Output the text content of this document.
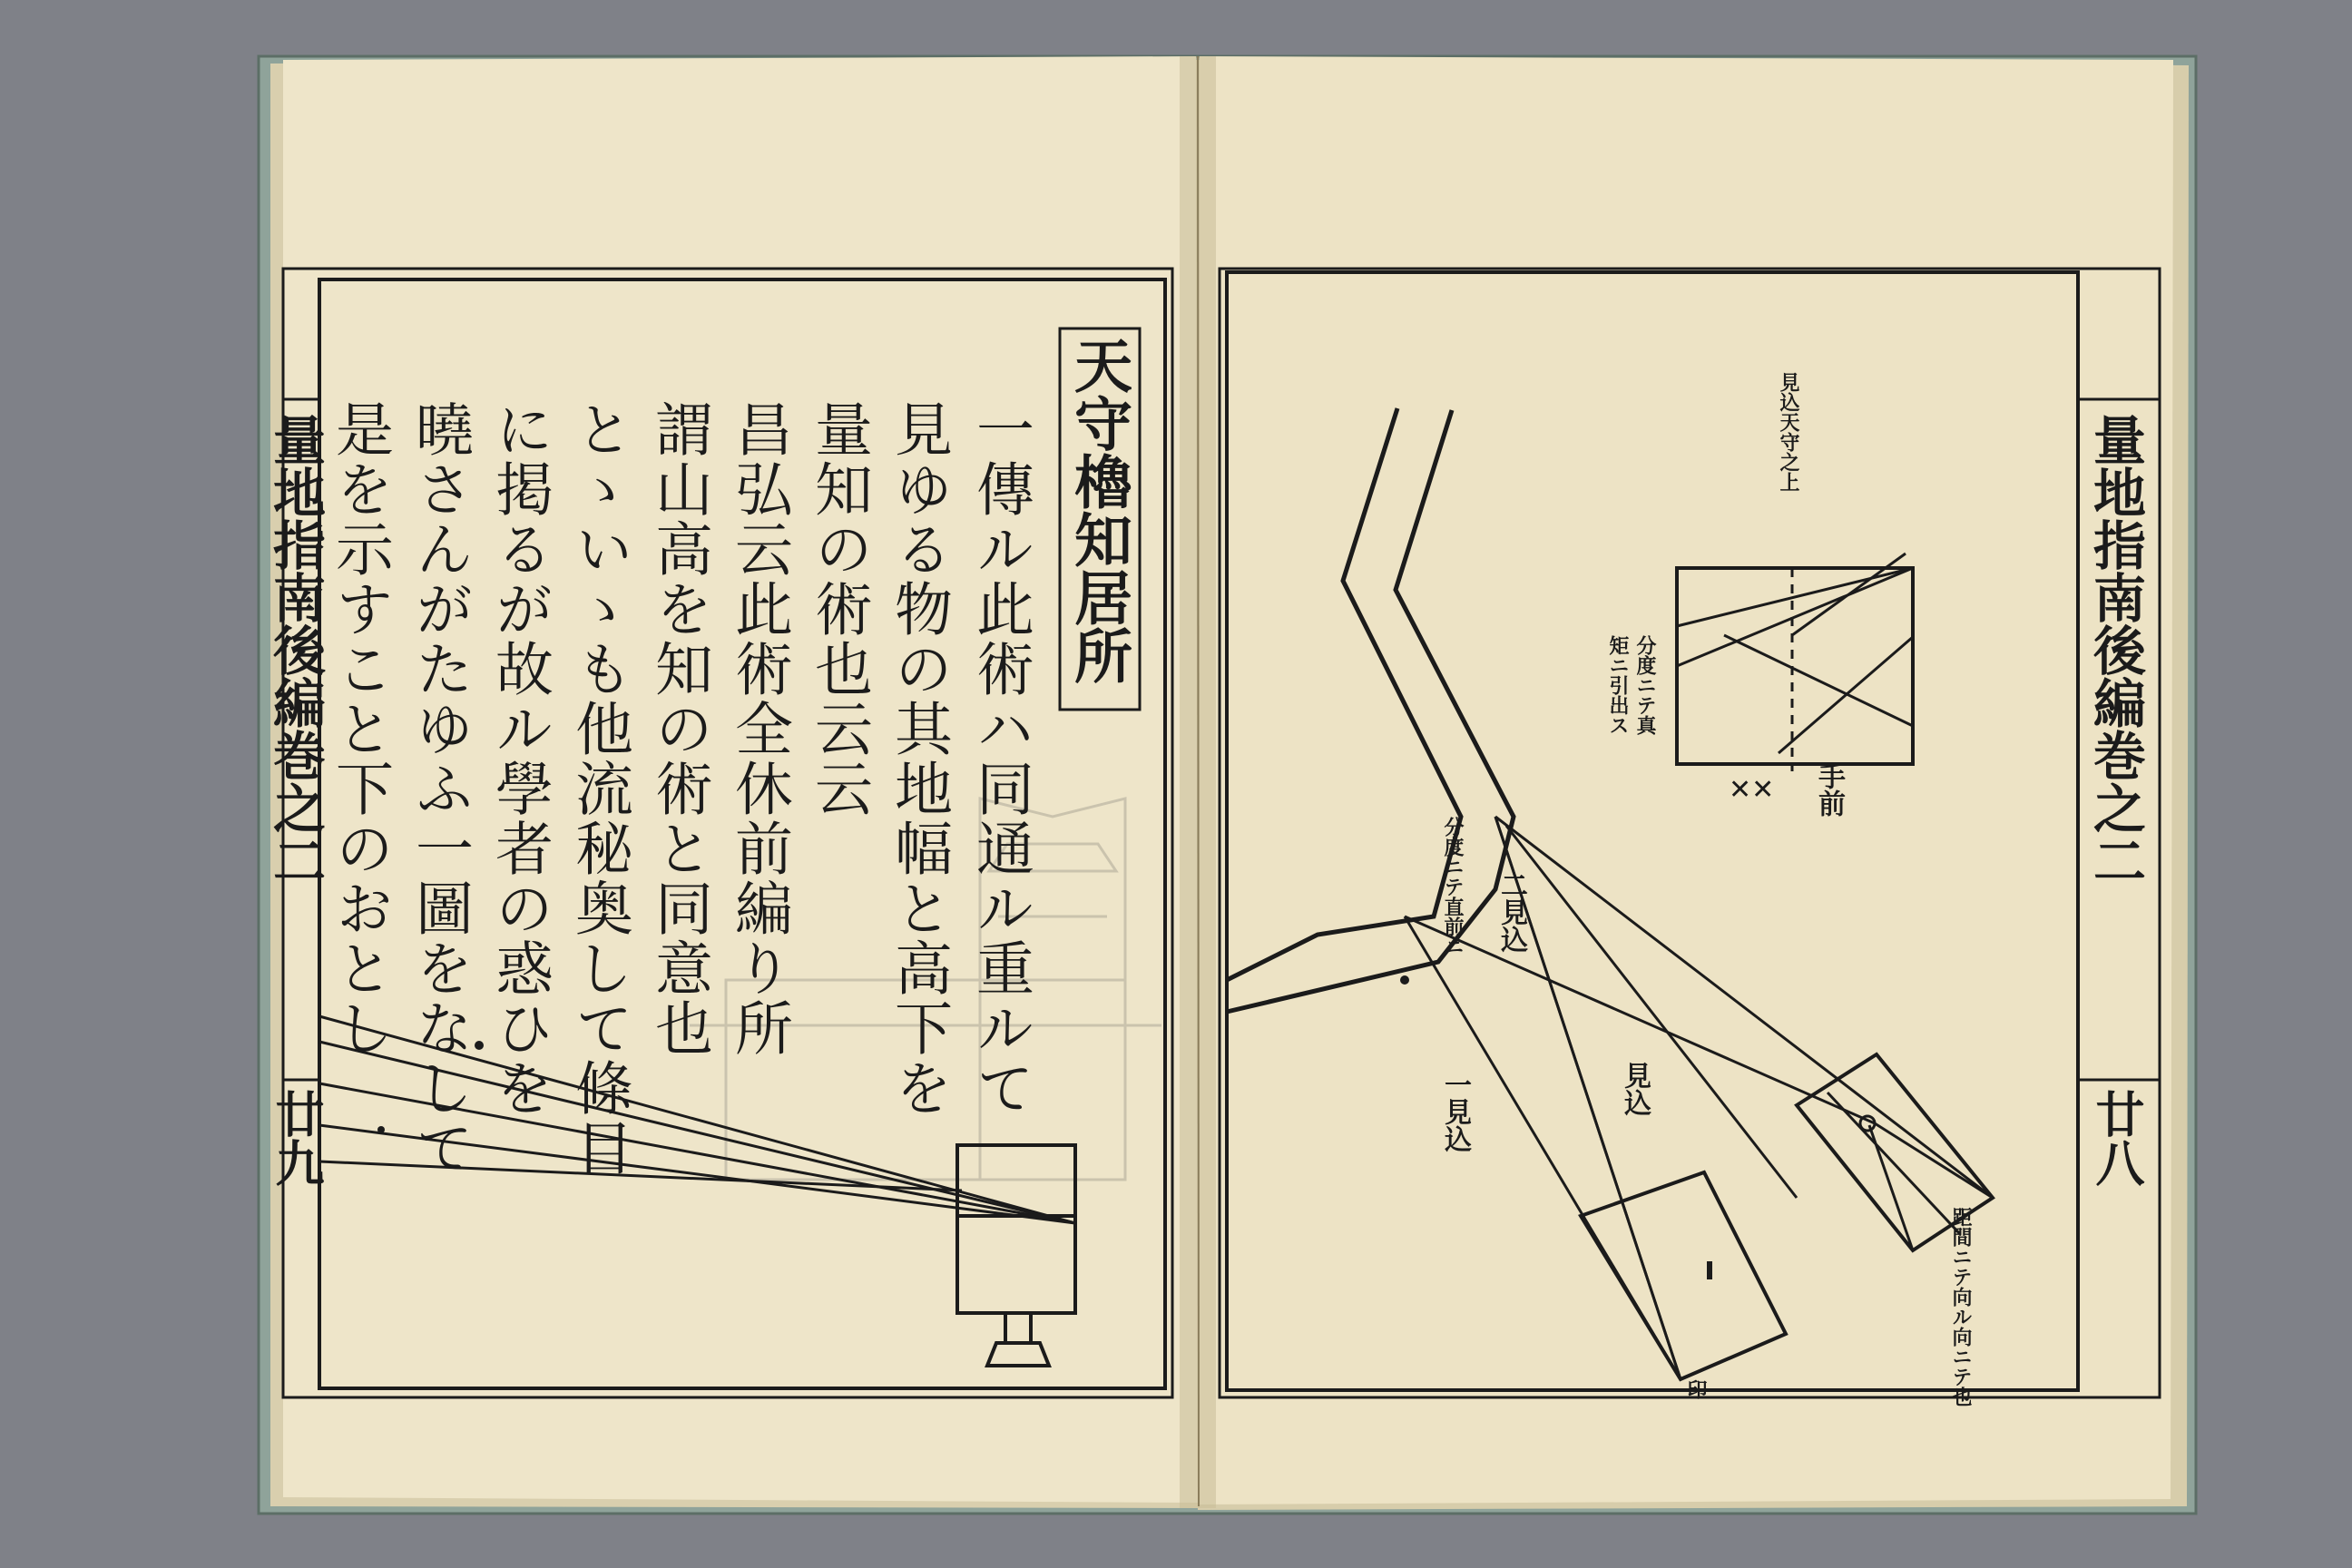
✕✕
量地指南後編巻之二
廿九
天守櫓知居所
一傳ル此術ハ同通ル重ルて
見ゆる物の其地幅と高下を
量知の術也云云
昌弘云此術全休前編り所
謂山高を知の術と同意也
とゝいゝも他流秘奥して條目
に掲るが故ル學者の惑ひを
曉さんがたゆふ一圖をなして
是を示すこと下のおとし	量地指南後編巻之二
廿八
見込天守之上
分度ニテ真
矩ニ引出ス
手前
分度ニテ直前ニ 二見込
一見込	見込
距間ニテ向ル向ニテ也
印
